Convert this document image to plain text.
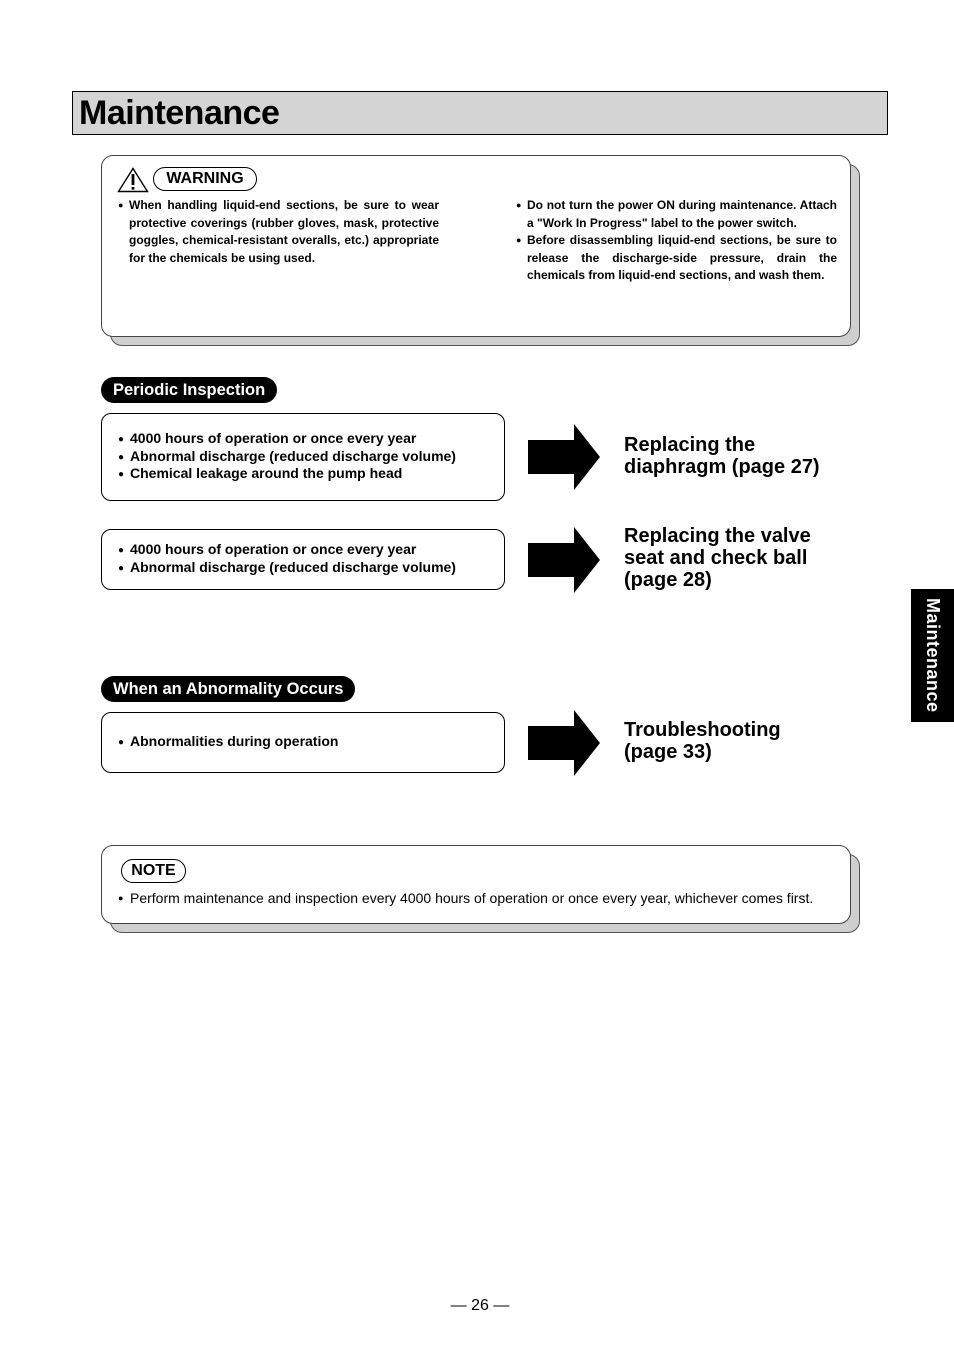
Maintenance
WARNING
● When handling liquid-end sections, be sure to wear protective coverings (rubber gloves, mask, protective goggles, chemical-resistant overalls, etc.) appropriate for the chemicals be using used.
● Do not turn the power ON during maintenance. Attach a "Work In Progress" label to the power switch.
● Before disassembling liquid-end sections, be sure to release the discharge-side pressure, drain the chemicals from liquid-end sections, and wash them.
Periodic Inspection
● 4000 hours of operation or once every year
● Abnormal discharge (reduced discharge volume)
● Chemical leakage around the pump head
Replacing the
diaphragm (page 27)
● 4000 hours of operation or once every year
● Abnormal discharge (reduced discharge volume)
Replacing the valve
seat and check ball
(page 28)
When an Abnormality Occurs
● Abnormalities during operation	Troubleshooting
(page 33)
NOTE
● Perform maintenance and inspection every 4000 hours of operation or once every year, whichever comes first.
Maintenance
— 26 —
